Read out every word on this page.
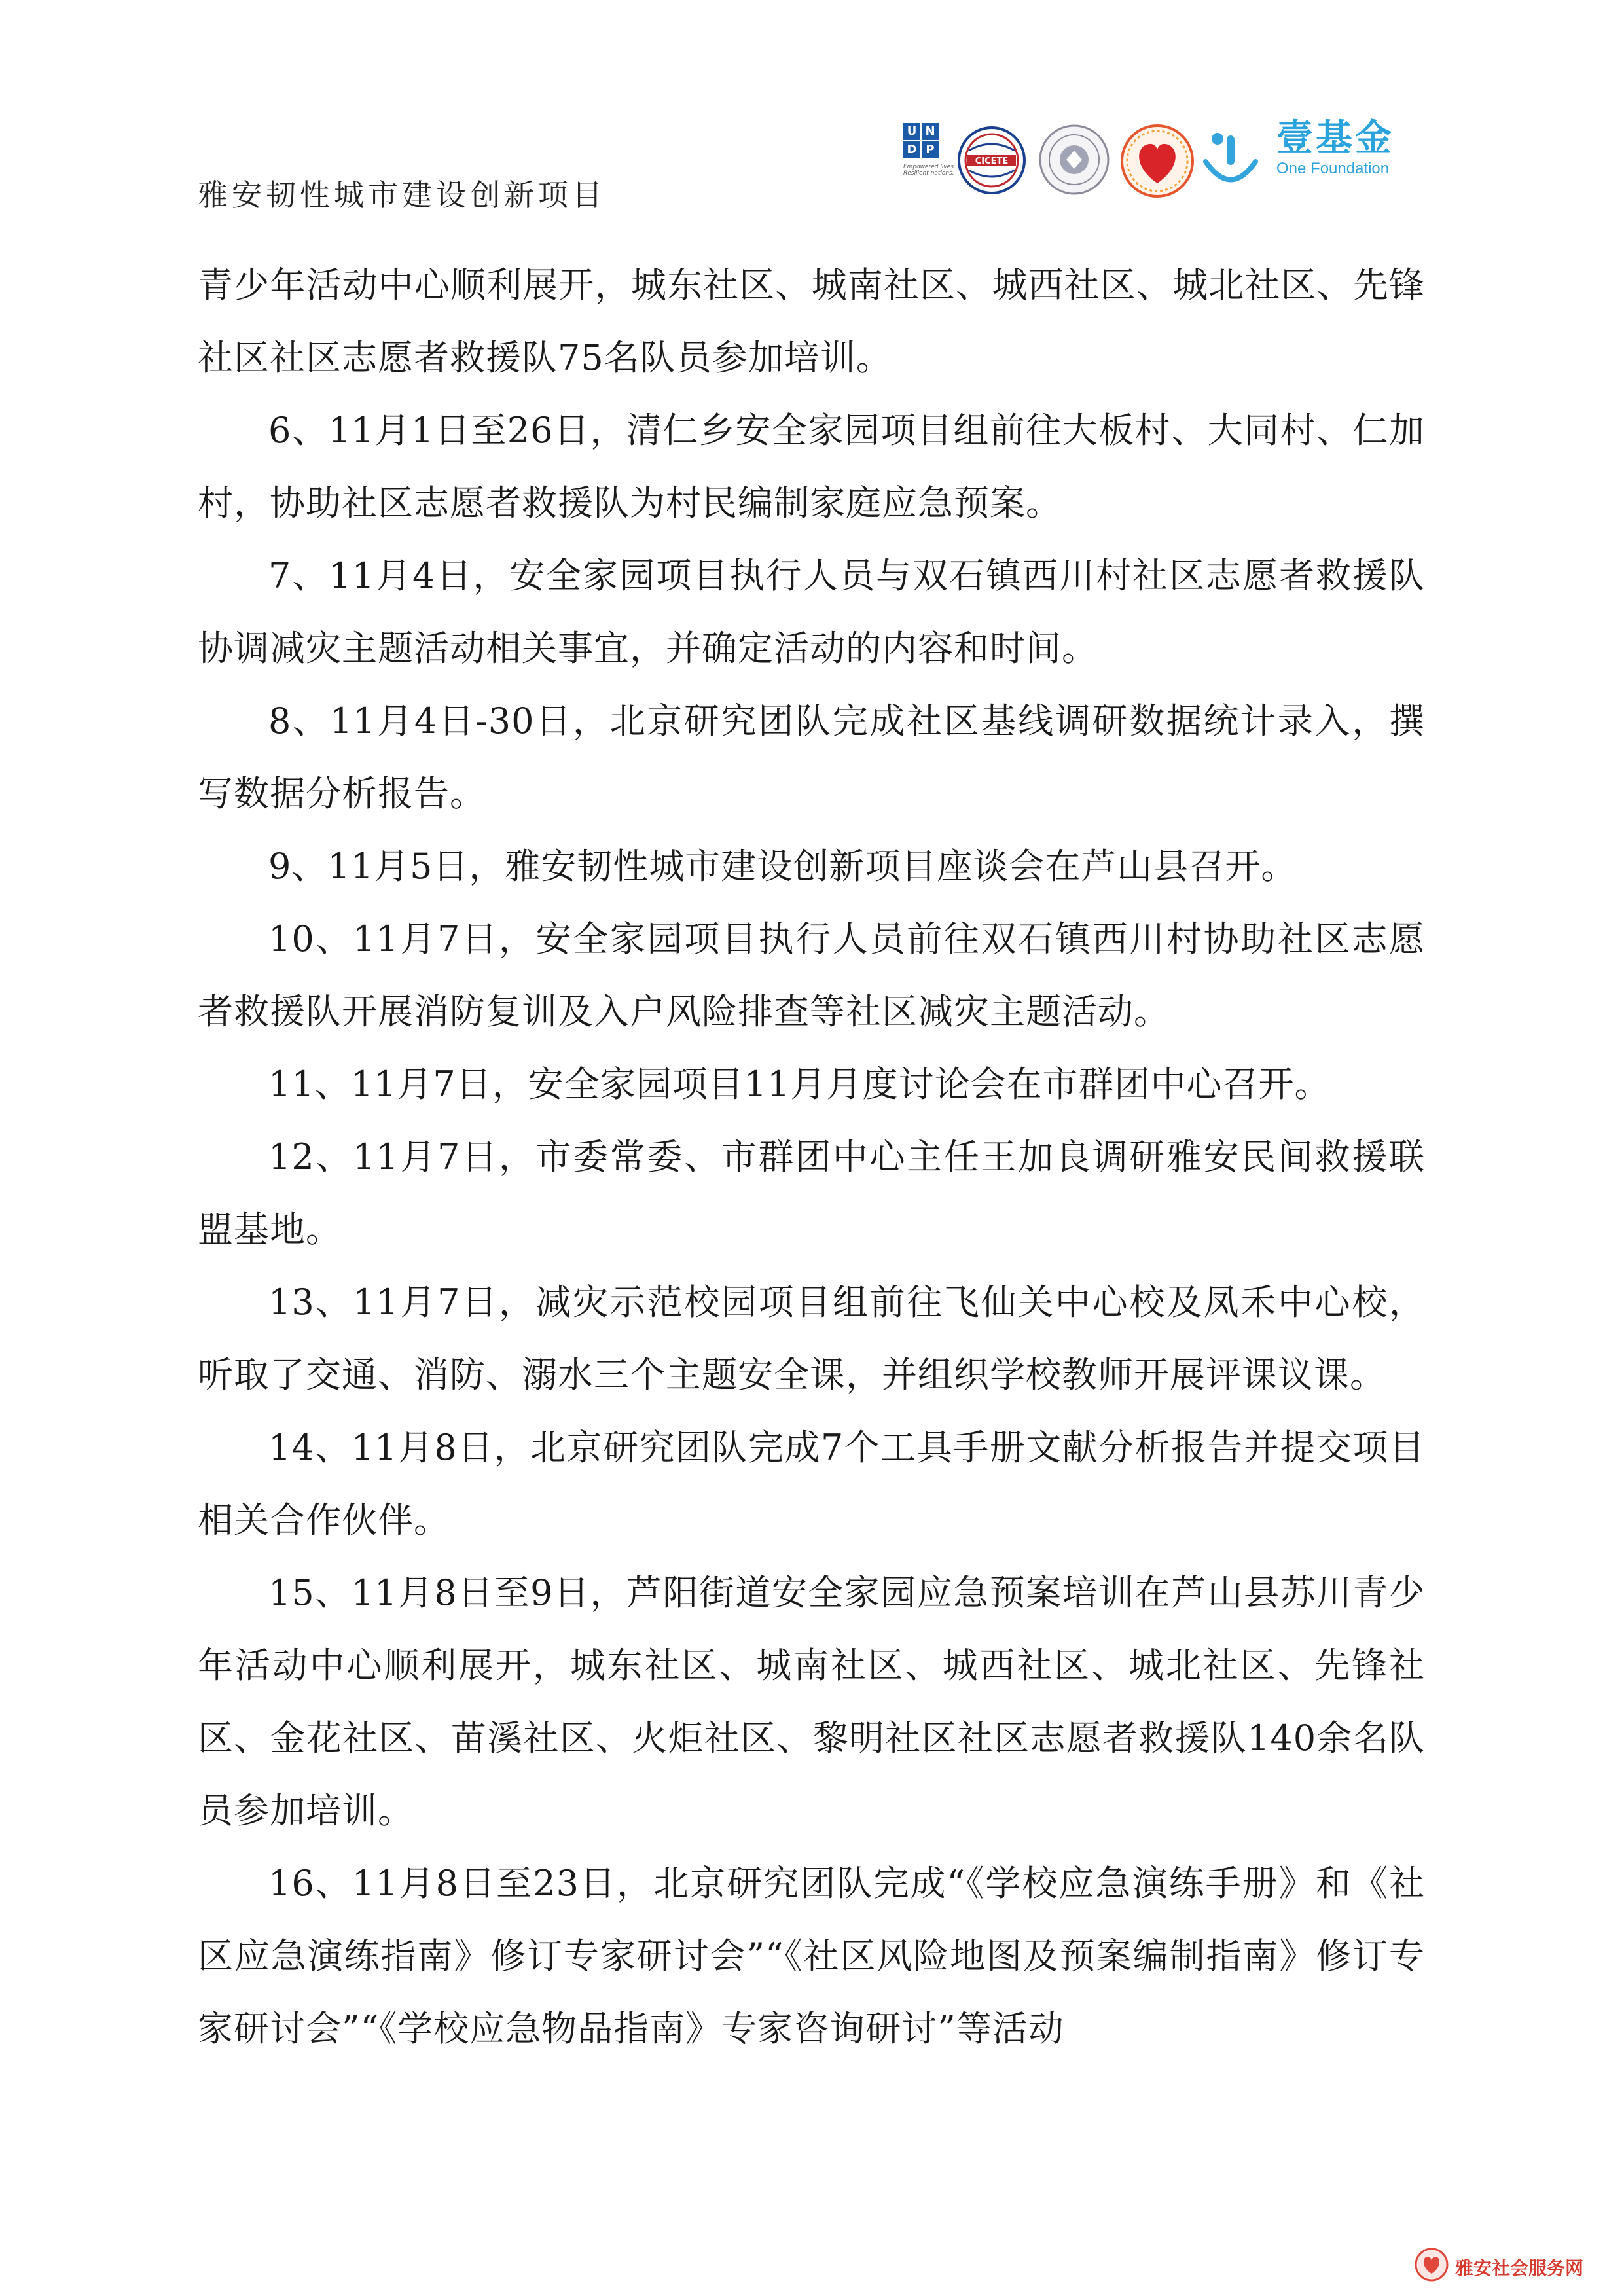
雅安韧性城市建设创新项目
U N
D P
Empowered lives. Resilient nations.
CICETE
壹基金
One Foundation

青少年活动中心顺利展开，城东社区、城南社区、城西社区、城北社区、先锋社区社区志愿者救援队75名队员参加培训。

6、11月1日至26日，清仁乡安全家园项目组前往大板村、大同村、仁加村，协助社区志愿者救援队为村民编制家庭应急预案。

7、11月4日，安全家园项目执行人员与双石镇西川村社区志愿者救援队协调减灾主题活动相关事宜，并确定活动的内容和时间。

8、11月4日-30日，北京研究团队完成社区基线调研数据统计录入，撰写数据分析报告。

9、11月5日，雅安韧性城市建设创新项目座谈会在芦山县召开。

10、11月7日，安全家园项目执行人员前往双石镇西川村协助社区志愿者救援队开展消防复训及入户风险排查等社区减灾主题活动。

11、11月7日，安全家园项目11月月度讨论会在市群团中心召开。

12、11月7日，市委常委、市群团中心主任王加良调研雅安民间救援联盟基地。

13、11月7日，减灾示范校园项目组前往飞仙关中心校及凤禾中心校，听取了交通、消防、溺水三个主题安全课，并组织学校教师开展评课议课。

14、11月8日，北京研究团队完成7个工具手册文献分析报告并提交项目相关合作伙伴。

15、11月8日至9日，芦阳街道安全家园应急预案培训在芦山县苏川青少年活动中心顺利展开，城东社区、城南社区、城西社区、城北社区、先锋社区、金花社区、苗溪社区、火炬社区、黎明社区社区志愿者救援队140余名队员参加培训。

16、11月8日至23日，北京研究团队完成“《学校应急演练手册》和《社区应急演练指南》修订专家研讨会”“《社区风险地图及预案编制指南》修订专家研讨会”“《学校应急物品指南》专家咨询研讨”等活动

雅安社会服务网
